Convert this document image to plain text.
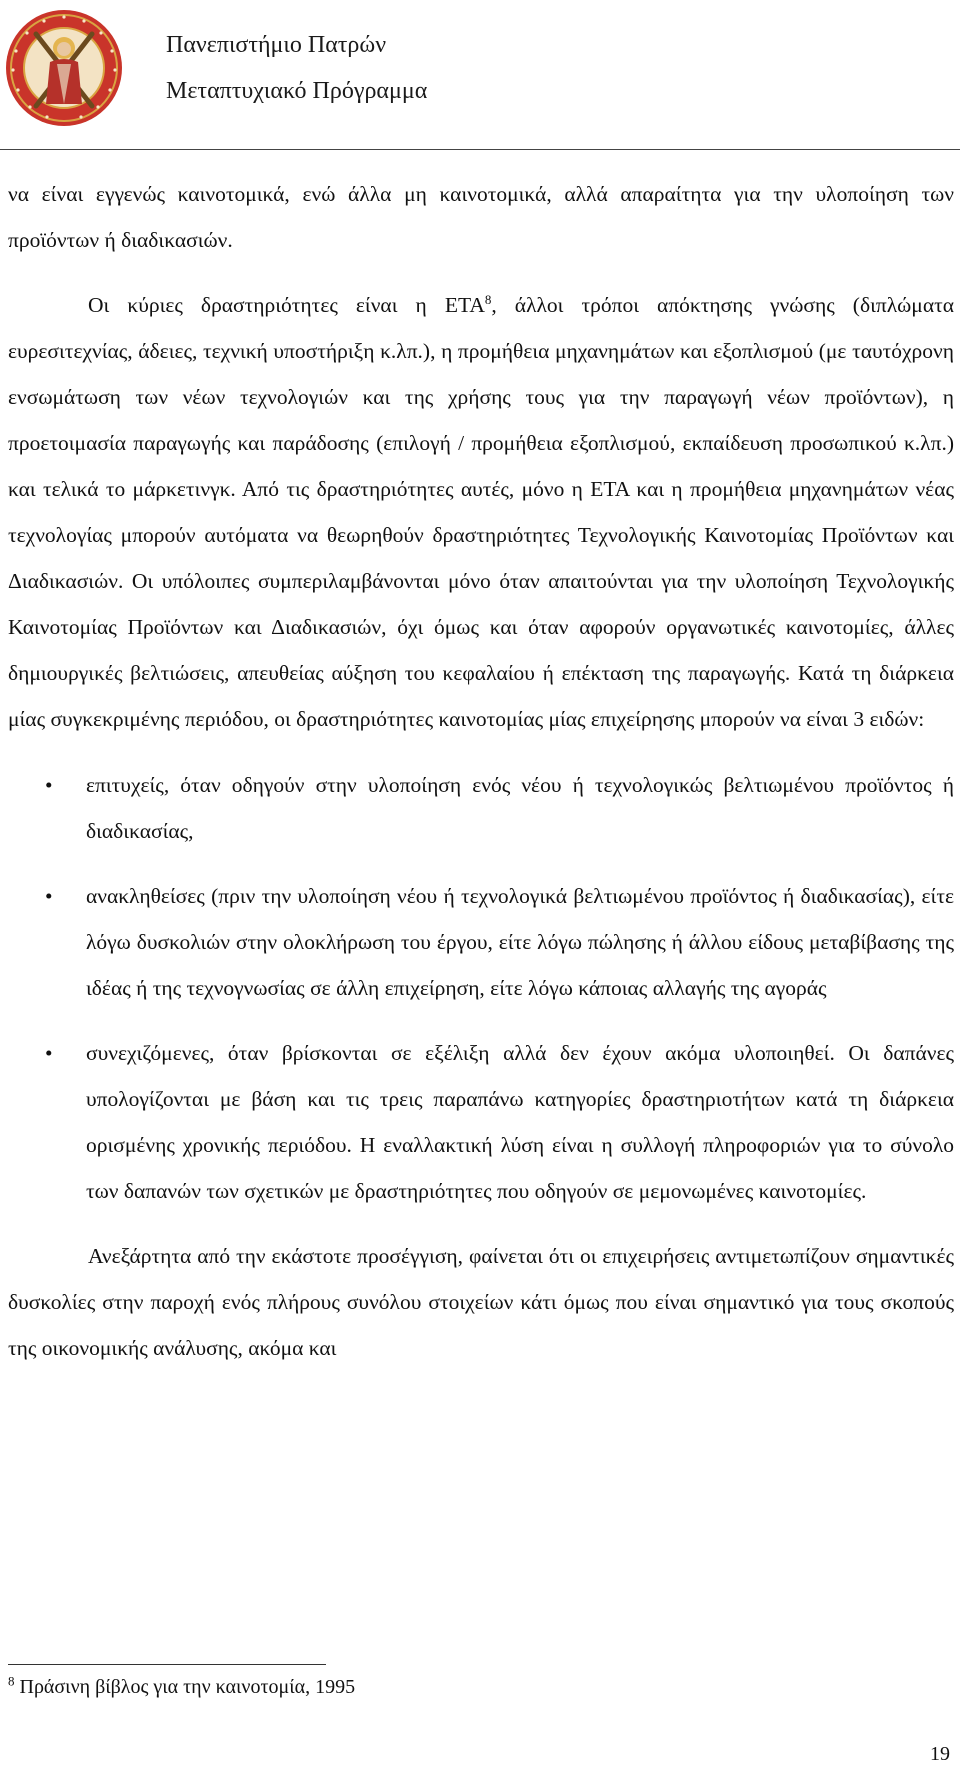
Πανεπιστήμιο Πατρών
Μεταπτυχιακό Πρόγραμμα

να είναι εγγενώς καινοτομικά, ενώ άλλα μη καινοτομικά, αλλά απαραίτητα για την υλοποίηση των προϊόντων ή διαδικασιών.

Οι κύριες δραστηριότητες είναι η ΕΤΑ$^8$, άλλοι τρόποι απόκτησης γνώσης (διπλώματα ευρεσιτεχνίας, άδειες, τεχνική υποστήριξη κ.λπ.), η προμήθεια μηχανημάτων και εξοπλισμού (με ταυτόχρονη ενσωμάτωση των νέων τεχνολογιών και της χρήσης τους για την παραγωγή νέων προϊόντων), η προετοιμασία παραγωγής και παράδοσης (επιλογή / προμήθεια εξοπλισμού, εκπαίδευση προσωπικού κ.λπ.) και τελικά το μάρκετινγκ. Από τις δραστηριότητες αυτές, μόνο η ΕΤΑ και η προμήθεια μηχανημάτων νέας τεχνολογίας μπορούν αυτόματα να θεωρηθούν δραστηριότητες Τεχνολογικής Καινοτομίας Προϊόντων και Διαδικασιών. Οι υπόλοιπες συμπεριλαμβάνονται μόνο όταν απαιτούνται για την υλοποίηση Τεχνολογικής Καινοτομίας Προϊόντων και Διαδικασιών, όχι όμως και όταν αφορούν οργανωτικές καινοτομίες, άλλες δημιουργικές βελτιώσεις, απευθείας αύξηση του κεφαλαίου ή επέκταση της παραγωγής. Κατά τη διάρκεια μίας συγκεκριμένης περιόδου, οι δραστηριότητες καινοτομίας μίας επιχείρησης μπορούν να είναι 3 ειδών:

• επιτυχείς, όταν οδηγούν στην υλοποίηση ενός νέου ή τεχνολογικώς βελτιωμένου προϊόντος ή διαδικασίας,
• ανακληθείσες (πριν την υλοποίηση νέου ή τεχνολογικά βελτιωμένου προϊόντος ή διαδικασίας), είτε λόγω δυσκολιών στην ολοκλήρωση του έργου, είτε λόγω πώλησης ή άλλου είδους μεταβίβασης της ιδέας ή της τεχνογνωσίας σε άλλη επιχείρηση, είτε λόγω κάποιας αλλαγής της αγοράς
• συνεχιζόμενες, όταν βρίσκονται σε εξέλιξη αλλά δεν έχουν ακόμα υλοποιηθεί. Οι δαπάνες υπολογίζονται με βάση και τις τρεις παραπάνω κατηγορίες δραστηριοτήτων κατά τη διάρκεια ορισμένης χρονικής περιόδου. Η εναλλακτική λύση είναι η συλλογή πληροφοριών για το σύνολο των δαπανών των σχετικών με δραστηριότητες που οδηγούν σε μεμονωμένες καινοτομίες.

Ανεξάρτητα από την εκάστοτε προσέγγιση, φαίνεται ότι οι επιχειρήσεις αντιμετωπίζουν σημαντικές δυσκολίες στην παροχή ενός πλήρους συνόλου στοιχείων κάτι όμως που είναι σημαντικό για τους σκοπούς της οικονομικής ανάλυσης, ακόμα και

$^8$ Πράσινη βίβλος για την καινοτομία, 1995
19
